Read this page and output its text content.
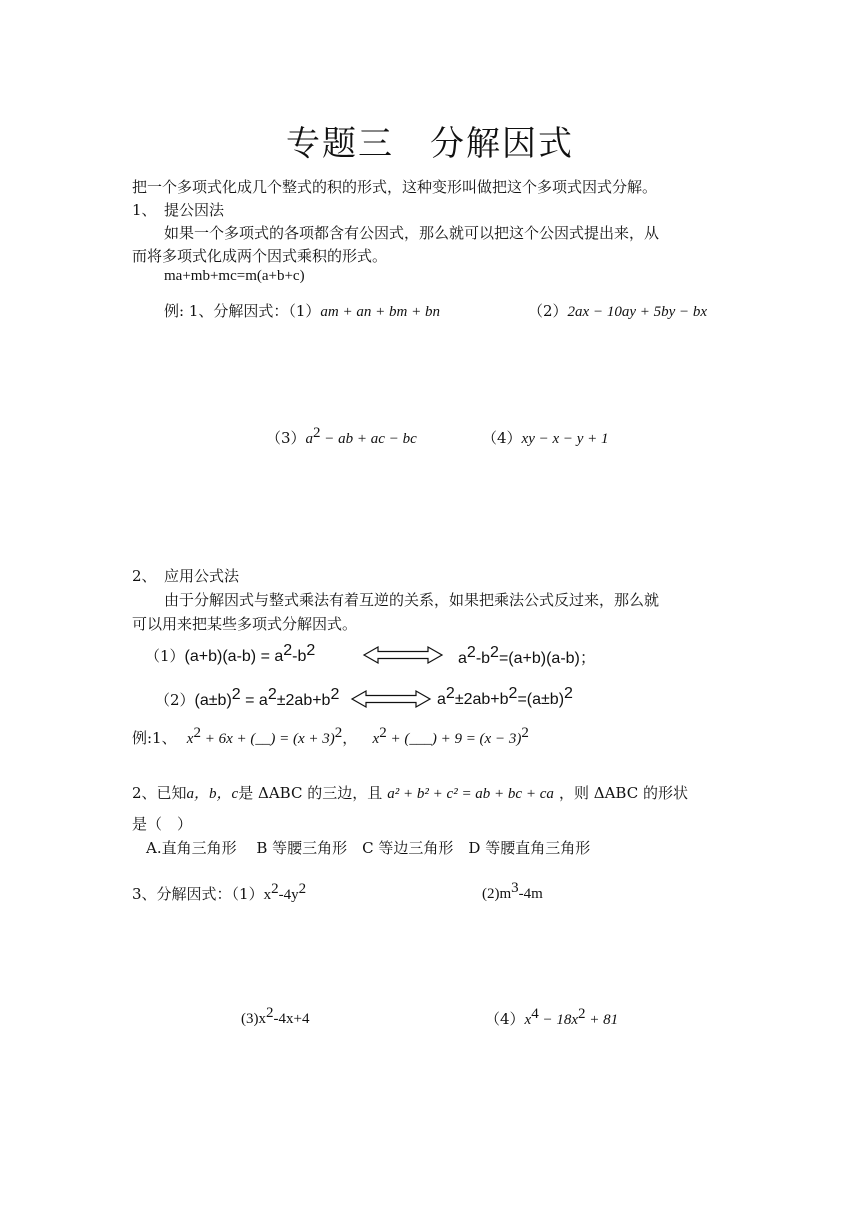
专题三　分解因式
把一个多项式化成几个整式的积的形式，这种变形叫做把这个多项式因式分解。
1、　提公因法
如果一个多项式的各项都含有公因式，那么就可以把这个公因式提出来，从
而将多项式化成两个因式乘积的形式。
ma+mb+mc=m(a+b+c)
例: 1、分解因式：（1）am + an + bm + bn	（2）2ax − 10ay + 5by − bx
$(3)a^2$ − ab + ac − bc	（4）xy − x − y + 1
2、　应用公式法
由于分解因式与整式乘法有着互逆的关系，如果把乘法公式反过来，那么就
可以用来把某些多项式分解因式。
$(1)(a+b)(a-b) = a^2-b^2$	$a^2-b^2=(a+b)(a-b)$；
$(2)(a\pm b)^2 = a^2\pm 2ab+b^2$	$a^2\pm 2ab+b^2=(a\pm b)^2$
例:1、 $x^2 + 6x$ + (__) = $(x + 3)^2$， $x^2$ + (___) + $9 = (x - 3)^2$
2、已知a，b，c是 ΔABC 的三边，且 a² + b² + c² = ab + bc + ca ，则 ΔABC 的形状
是（　）
A.直角三角形　 B 等腰三角形　C 等边三角形　D 等腰直角三角形
3、分解因式：$(1)x^2-4y^2$	$(2)m^3-4m$
$(3)x^2-4x+4$	$(4)x^4 - 18x^2 + 81$
